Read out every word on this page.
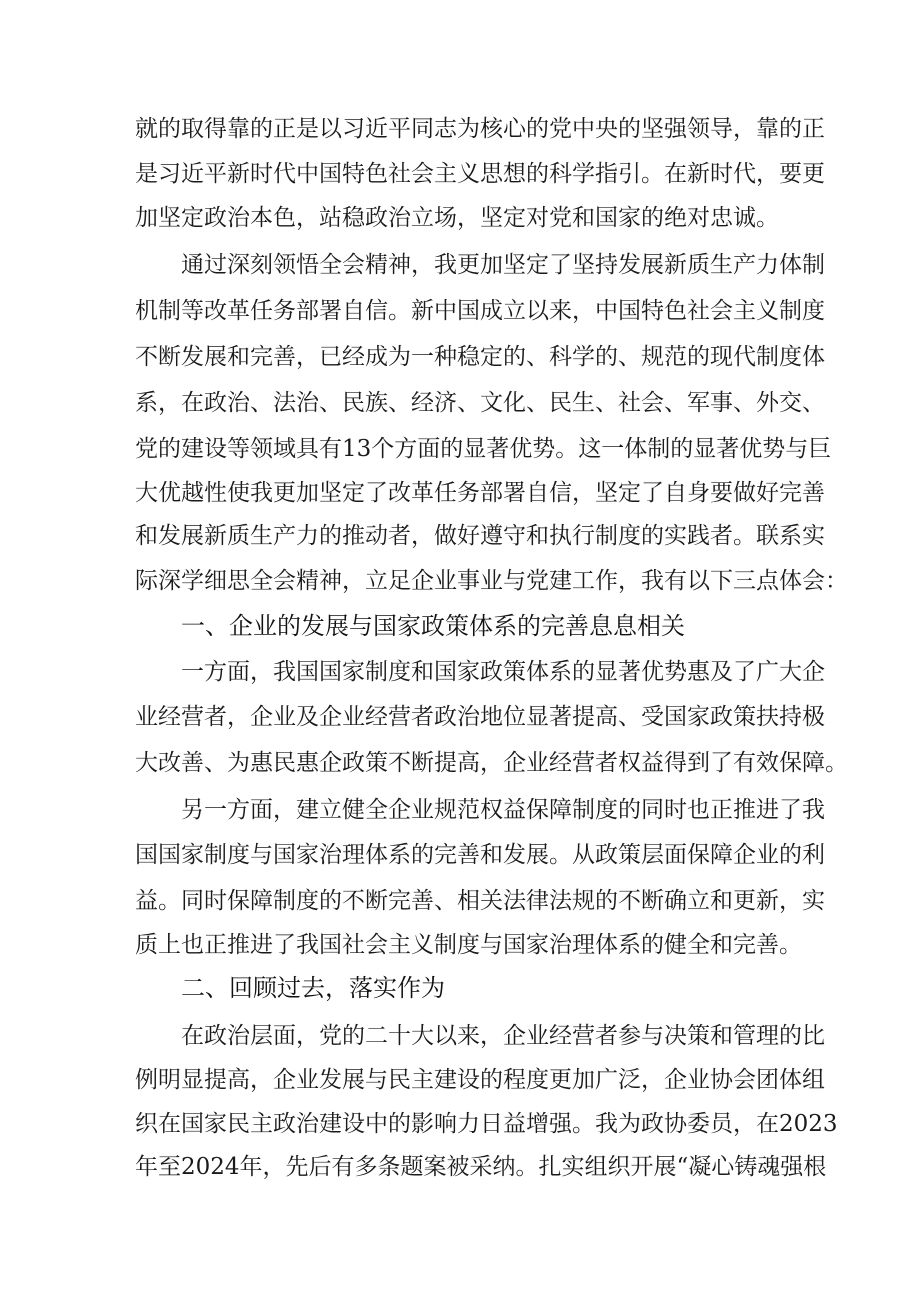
就的取得靠的正是以习近平同志为核心的党中央的坚强领导，靠的正
是习近平新时代中国特色社会主义思想的科学指引。在新时代，要更
加坚定政治本色，站稳政治立场，坚定对党和国家的绝对忠诚。
通过深刻领悟全会精神，我更加坚定了坚持发展新质生产力体制
机制等改革任务部署自信。新中国成立以来，中国特色社会主义制度
不断发展和完善，已经成为一种稳定的、科学的、规范的现代制度体
系，在政治、法治、民族、经济、文化、民生、社会、军事、外交、
党的建设等领域具有13个方面的显著优势。这一体制的显著优势与巨
大优越性使我更加坚定了改革任务部署自信，坚定了自身要做好完善
和发展新质生产力的推动者，做好遵守和执行制度的实践者。联系实
际深学细思全会精神，立足企业事业与党建工作，我有以下三点体会：
一、企业的发展与国家政策体系的完善息息相关
一方面，我国国家制度和国家政策体系的显著优势惠及了广大企
业经营者，企业及企业经营者政治地位显著提高、受国家政策扶持极
大改善、为惠民惠企政策不断提高，企业经营者权益得到了有效保障。
另一方面，建立健全企业规范权益保障制度的同时也正推进了我
国国家制度与国家治理体系的完善和发展。从政策层面保障企业的利
益。同时保障制度的不断完善、相关法律法规的不断确立和更新，实
质上也正推进了我国社会主义制度与国家治理体系的健全和完善。
二、回顾过去，落实作为
在政治层面，党的二十大以来，企业经营者参与决策和管理的比
例明显提高，企业发展与民主建设的程度更加广泛，企业协会团体组
织在国家民主政治建设中的影响力日益增强。我为政协委员，在2023
年至2024年，先后有多条题案被采纳。扎实组织开展“凝心铸魂强根
